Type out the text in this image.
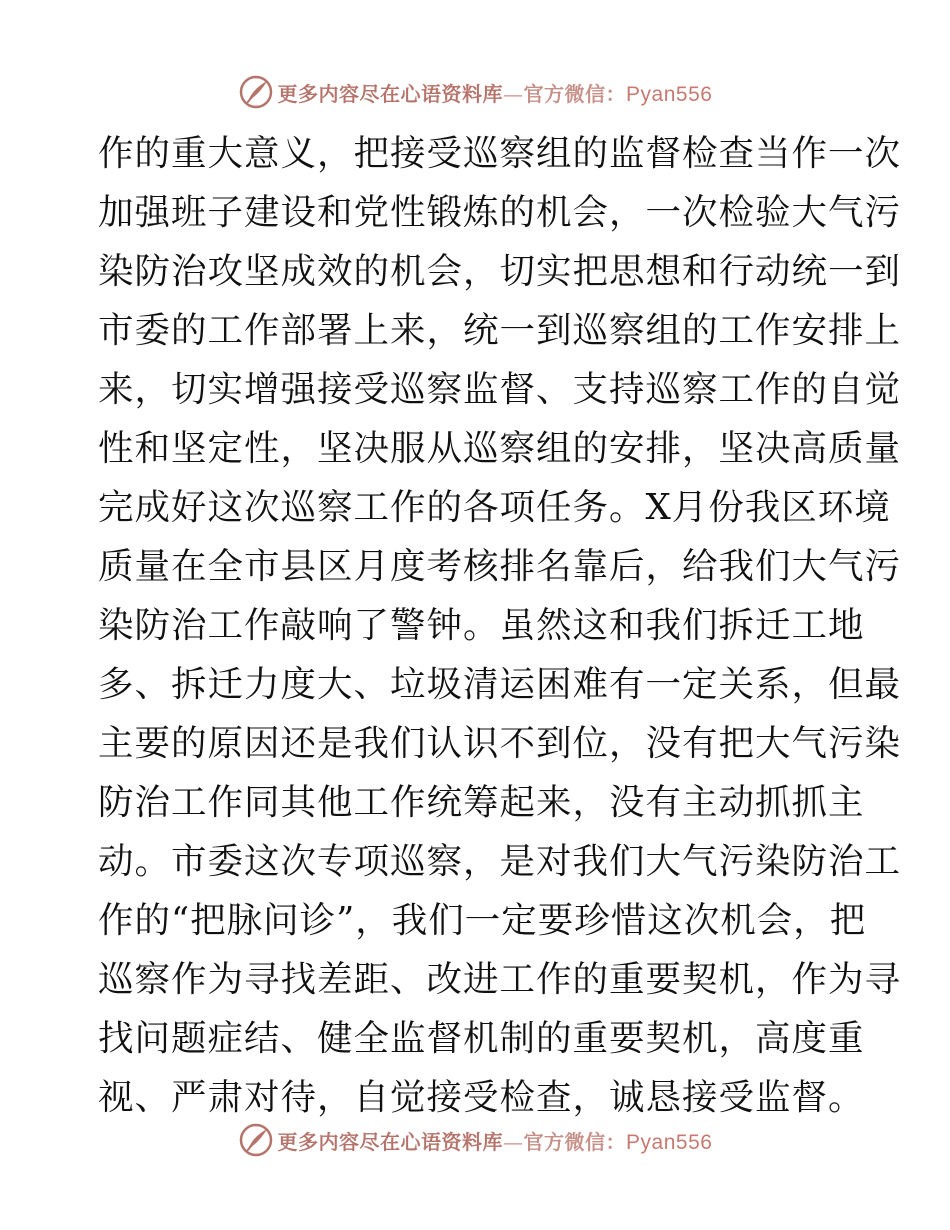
更多内容尽在心语资料库—官方微信：Pyan556
作的重大意义，把接受巡察组的监督检查当作一次
加强班子建设和党性锻炼的机会，一次检验大气污
染防治攻坚成效的机会，切实把思想和行动统一到
市委的工作部署上来，统一到巡察组的工作安排上
来，切实增强接受巡察监督、支持巡察工作的自觉
性和坚定性，坚决服从巡察组的安排，坚决高质量
完成好这次巡察工作的各项任务。X月份我区环境
质量在全市县区月度考核排名靠后，给我们大气污
染防治工作敲响了警钟。虽然这和我们拆迁工地
多、拆迁力度大、垃圾清运困难有一定关系，但最
主要的原因还是我们认识不到位，没有把大气污染
防治工作同其他工作统筹起来，没有主动抓抓主
动。市委这次专项巡察，是对我们大气污染防治工
作的“把脉问诊”，我们一定要珍惜这次机会，把
巡察作为寻找差距、改进工作的重要契机，作为寻
找问题症结、健全监督机制的重要契机，高度重
视、严肃对待，自觉接受检查，诚恳接受监督。
更多内容尽在心语资料库—官方微信：Pyan556
